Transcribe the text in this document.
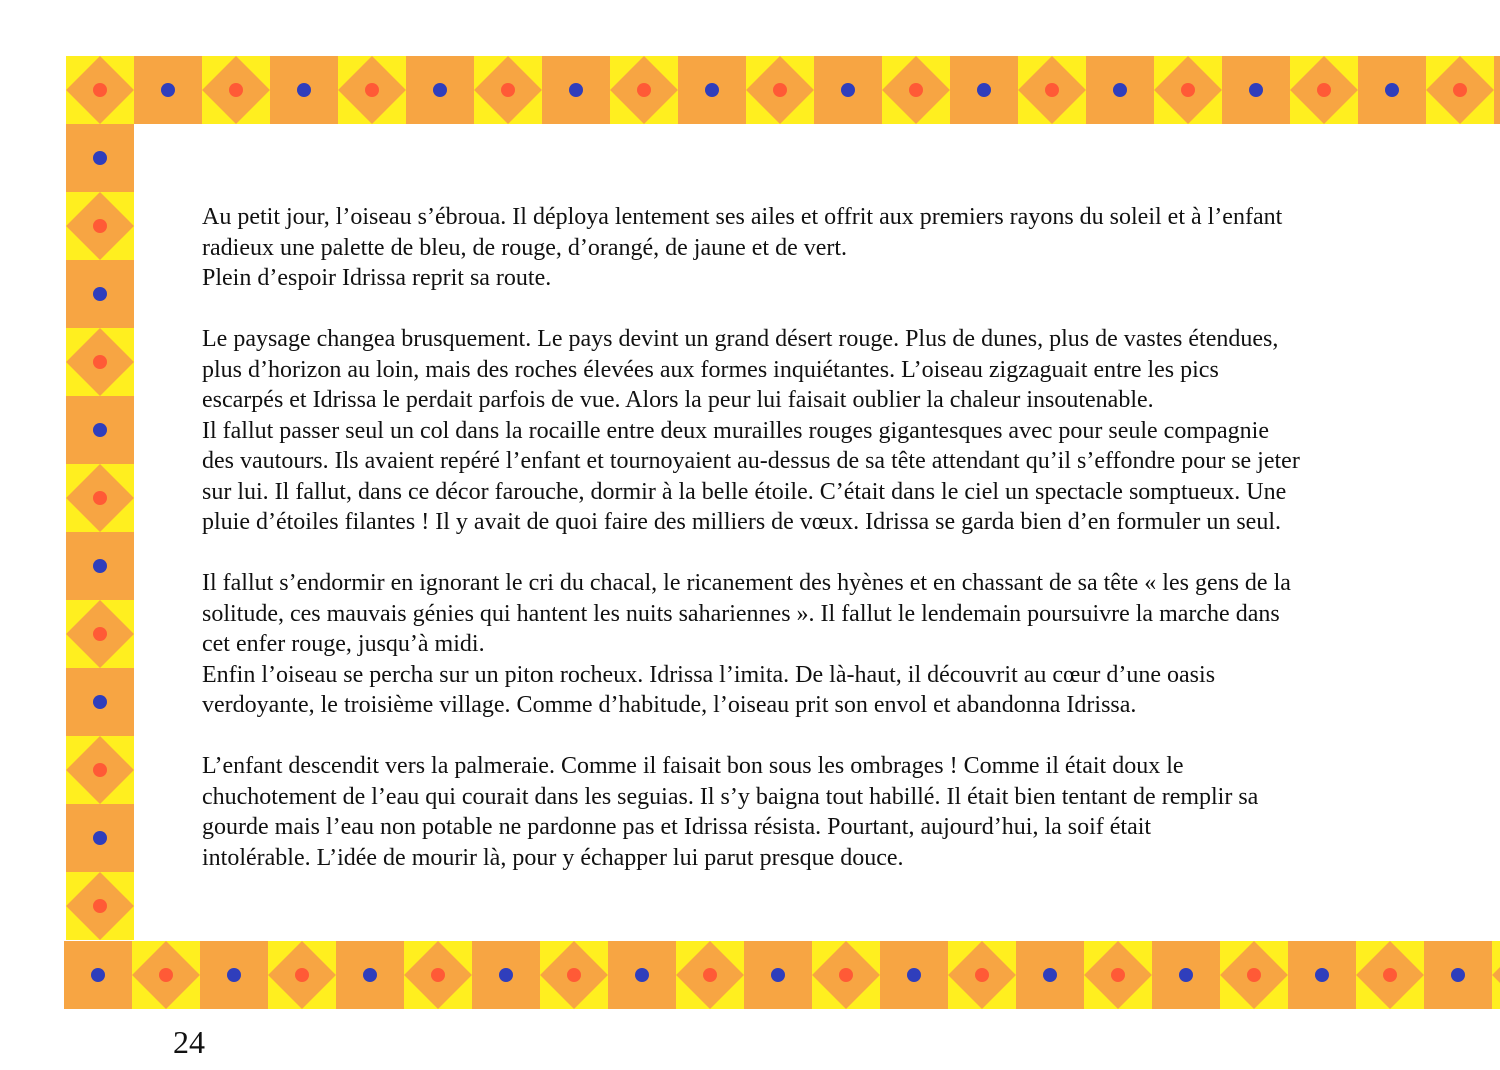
Au petit jour, l’oiseau s’ébroua. Il déploya lentement ses ailes et offrit aux premiers rayons du soleil et à l’enfant
radieux une palette de bleu, de rouge, d’orangé, de jaune et de vert.
Plein d’espoir Idrissa reprit sa route.

Le paysage changea brusquement. Le pays devint un grand désert rouge. Plus de dunes, plus de vastes étendues,
plus d’horizon au loin, mais des roches élevées aux formes inquiétantes. L’oiseau zigzaguait entre les pics
escarpés et Idrissa le perdait parfois de vue. Alors la peur lui faisait oublier la chaleur insoutenable.
Il fallut passer seul un col dans la rocaille entre deux murailles rouges gigantesques avec pour seule compagnie
des vautours. Ils avaient repéré l’enfant et tournoyaient au-dessus de sa tête attendant qu’il s’effondre pour se jeter
sur lui. Il fallut, dans ce décor farouche, dormir à la belle étoile. C’était dans le ciel un spectacle somptueux. Une
pluie d’étoiles filantes ! Il y avait de quoi faire des milliers de vœux. Idrissa se garda bien d’en formuler un seul.

Il fallut s’endormir en ignorant le cri du chacal, le ricanement des hyènes et en chassant de sa tête « les gens de la
solitude, ces mauvais génies qui hantent les nuits sahariennes ». Il fallut le lendemain poursuivre la marche dans
cet enfer rouge, jusqu’à midi.
Enfin l’oiseau se percha sur un piton rocheux. Idrissa l’imita. De là-haut, il découvrit au cœur d’une oasis
verdoyante, le troisième village. Comme d’habitude, l’oiseau prit son envol et abandonna Idrissa.

L’enfant descendit vers la palmeraie. Comme il faisait bon sous les ombrages ! Comme il était doux le
chuchotement de l’eau qui courait dans les seguias. Il s’y baigna tout habillé. Il était bien tentant de remplir sa
gourde mais l’eau non potable ne pardonne pas et Idrissa résista. Pourtant, aujourd’hui, la soif était
intolérable. L’idée de mourir là, pour y échapper lui parut presque douce.

24
